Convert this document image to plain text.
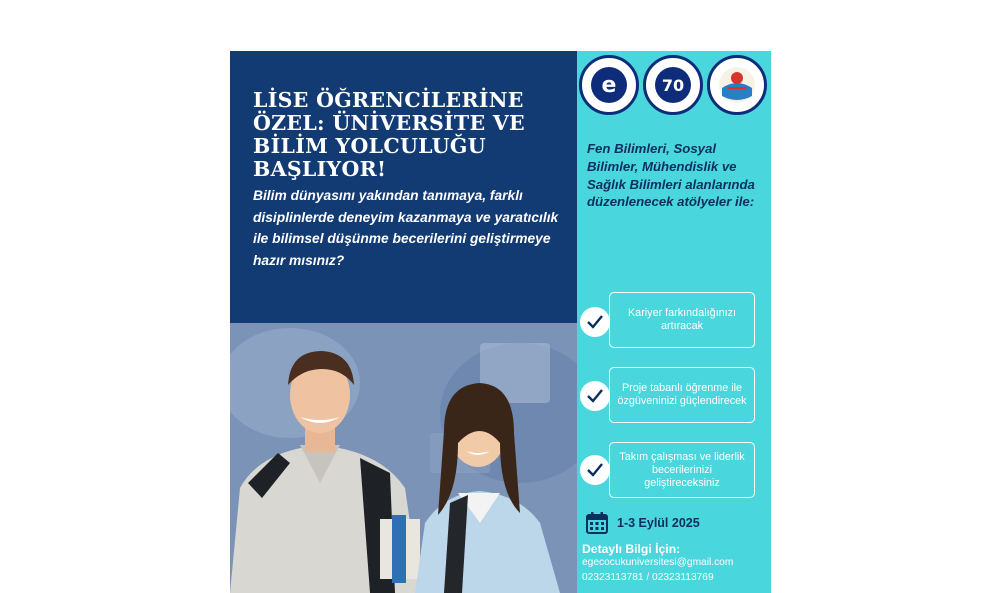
LİSE ÖĞRENCİLERİNE ÖZEL: ÜNİVERSİTE VE BİLİM YOLCULUĞU BAŞLIYOR!

Bilim dünyasını yakından tanımaya, farklı disiplinlerde deneyim kazanmaya ve yaratıcılık ile bilimsel düşünme becerilerini geliştirmeye hazır mısınız?

e	70

Fen Bilimleri, Sosyal Bilimler, Mühendislik ve Sağlık Bilimleri alanlarında düzenlenecek atölyeler ile:

Kariyer farkındalığınızı artıracak
Proje tabanlı öğrenme ile özgüveninizi güçlendirecek
Takım çalışması ve liderlik becerilerinizi geliştireceksiniz
1-3 Eylül 2025
Detaylı Bilgi İçin:
egecocukuniversitesi@gmail.com
02323113781 / 02323113769
